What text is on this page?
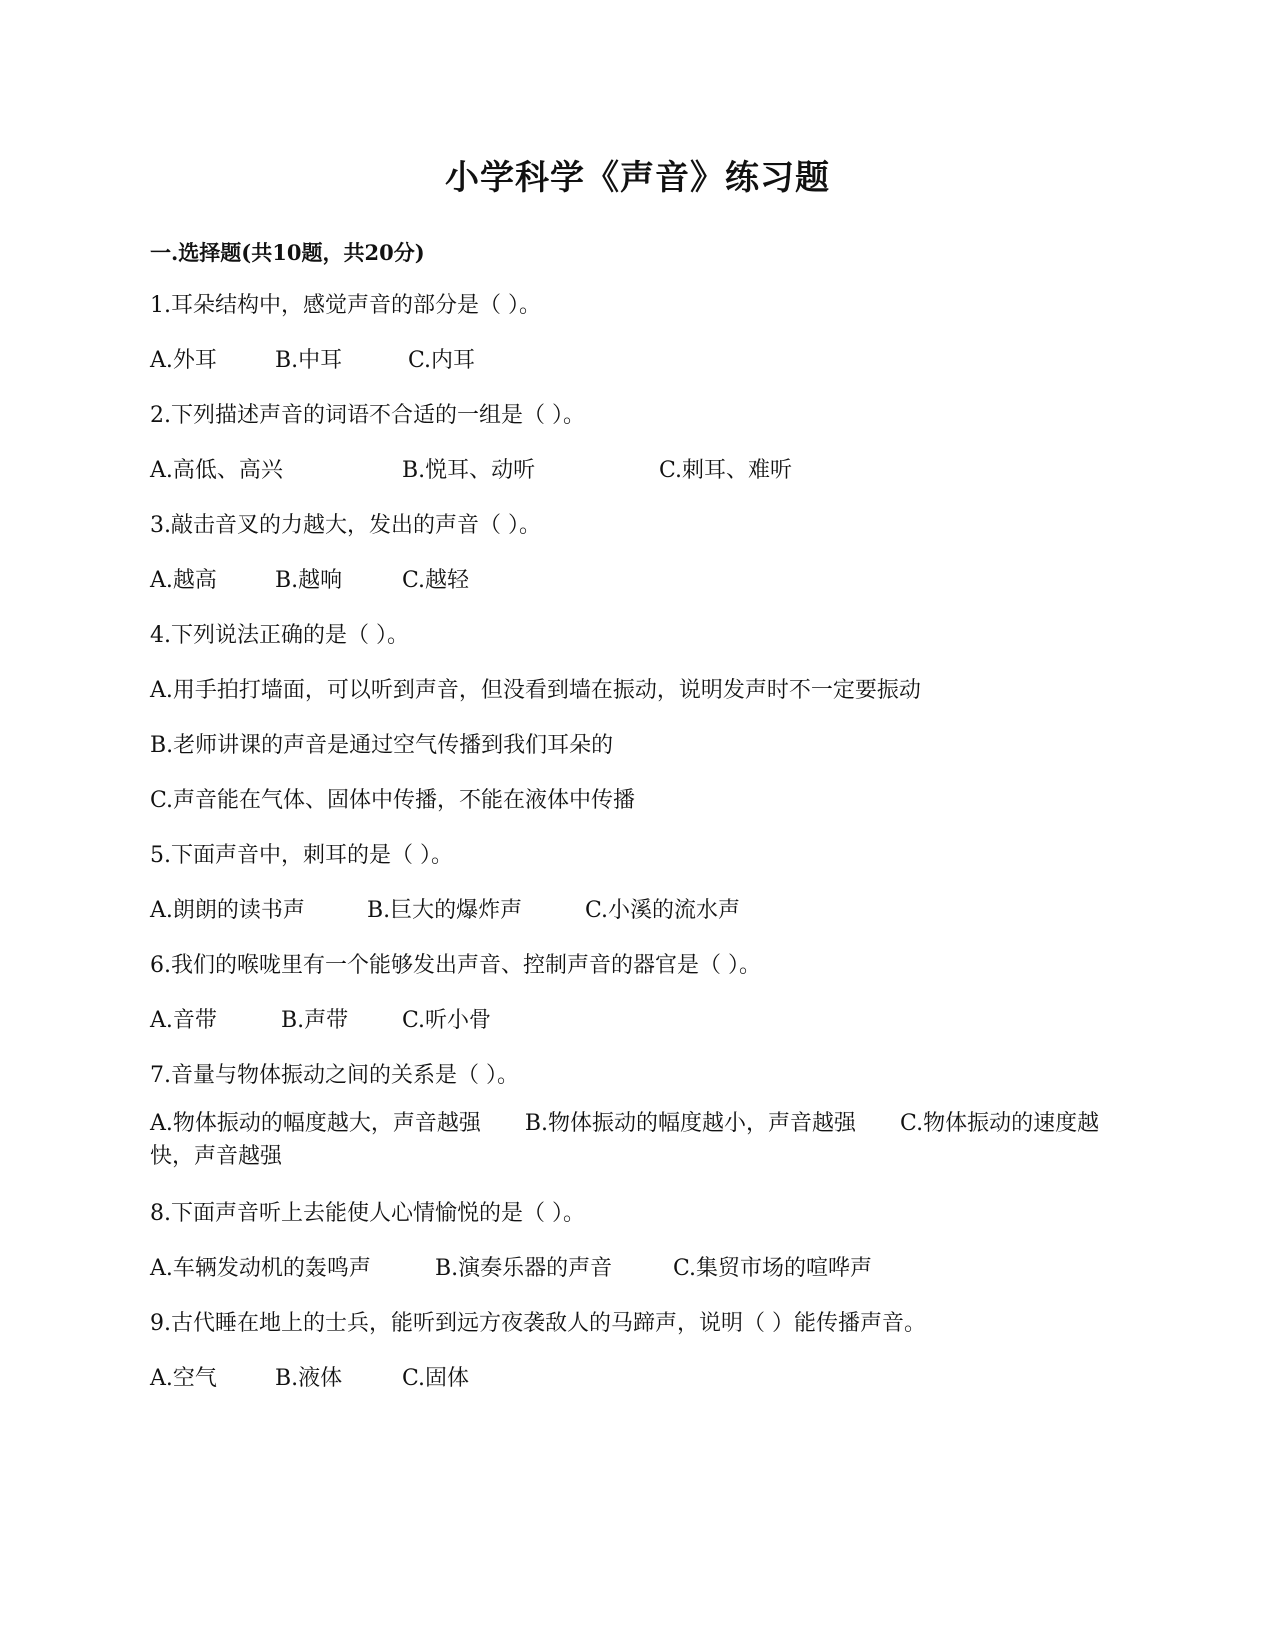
小学科学《声音》练习题
一.选择题(共10题，共20分)
1.耳朵结构中，感觉声音的部分是（ ）。
A.外耳	B.中耳	C.内耳
2.下列描述声音的词语不合适的一组是（ ）。
A.高低、高兴	B.悦耳、动听	C.刺耳、难听
3.敲击音叉的力越大，发出的声音（ ）。
A.越高	B.越响	C.越轻
4.下列说法正确的是（ ）。
A.用手拍打墙面，可以听到声音，但没看到墙在振动，说明发声时不一定要振动
B.老师讲课的声音是通过空气传播到我们耳朵的
C.声音能在气体、固体中传播，不能在液体中传播
5.下面声音中，刺耳的是（ ）。
A.朗朗的读书声	B.巨大的爆炸声	C.小溪的流水声
6.我们的喉咙里有一个能够发出声音、控制声音的器官是（ ）。
A.音带	B.声带 C.听小骨
7.音量与物体振动之间的关系是（ ）。
A.物体振动的幅度越大，声音越强　　B.物体振动的幅度越小，声音越强　　C.物体振动的速度越快，声音越强
8.下面声音听上去能使人心情愉悦的是（ ）。
A.车辆发动机的轰鸣声	B.演奏乐器的声音	C.集贸市场的喧哗声
9.古代睡在地上的士兵，能听到远方夜袭敌人的马蹄声，说明（ ）能传播声音。
A.空气	B.液体	C.固体
